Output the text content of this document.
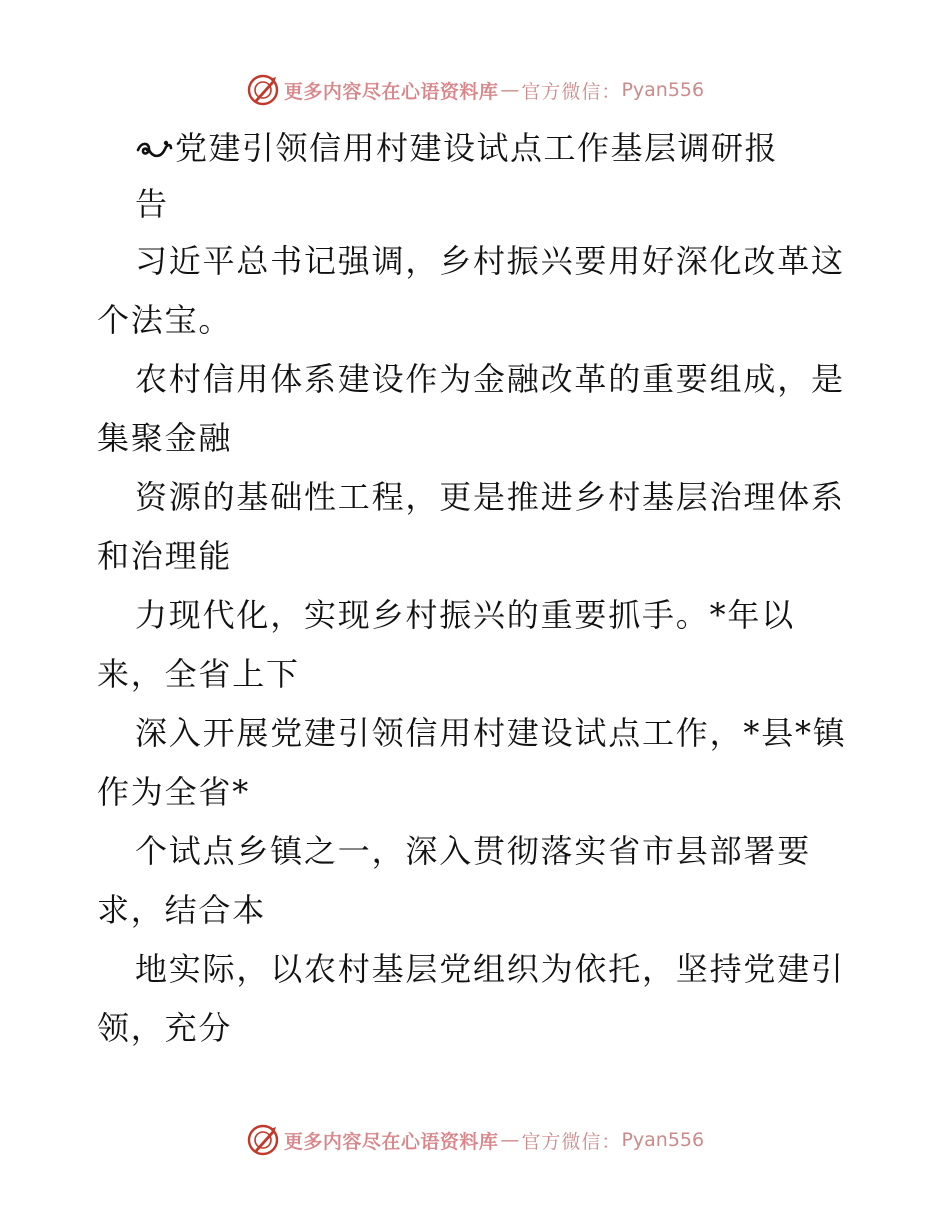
更多内容尽在心语资料库 — 官方微信： Pyan556
党建引领信用村建设试点工作基层调研报
告
习近平总书记强调，乡村振兴要用好深化改革这
个法宝。
农村信用体系建设作为金融改革的重要组成，是
集聚金融
资源的基础性工程，更是推进乡村基层治理体系
和治理能
力现代化，实现乡村振兴的重要抓手。*年以
来，全省上下
深入开展党建引领信用村建设试点工作，*县*镇
作为全省*
个试点乡镇之一，深入贯彻落实省市县部署要
求，结合本
地实际，以农村基层党组织为依托，坚持党建引
领，充分
更多内容尽在心语资料库 — 官方微信： Pyan556
